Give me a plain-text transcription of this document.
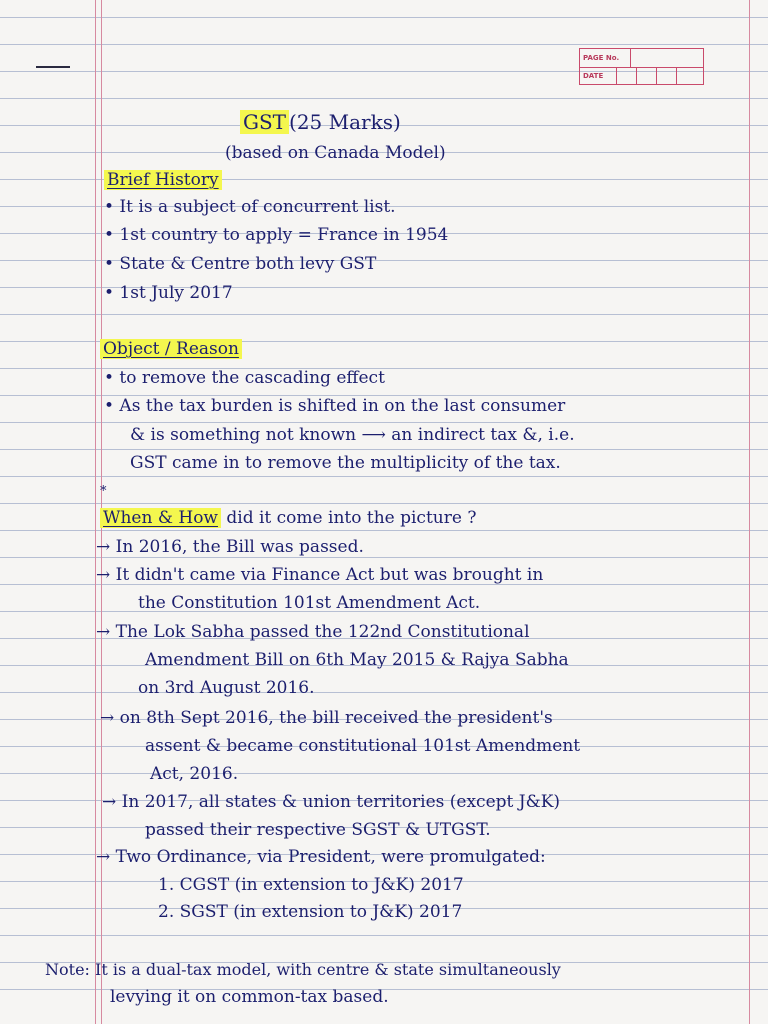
PAGE No.
DATE
GST (25 Marks)
(based on Canada Model)
Brief History
• It is a subject of concurrent list.
• 1st country to apply = France in 1954
• State & Centre both levy GST
• 1st July 2017
Object / Reason
• to remove the cascading effect
• As the tax burden is shifted in on the last consumer
& is something not known ⟶ an indirect tax &, i.e.
GST came in to remove the multiplicity of the tax.
*
When & How did it come into the picture ?
→ In 2016, the Bill was passed.
→ It didn't came via Finance Act but was brought in
the Constitution 101st Amendment Act.
→ The Lok Sabha passed the 122nd Constitutional
Amendment Bill on 6th May 2015 & Rajya Sabha
on 3rd August 2016.
→ on 8th Sept 2016, the bill received the president's
assent & became constitutional 101st Amendment
Act, 2016.
→ In 2017, all states & union territories (except J&K)
passed their respective SGST & UTGST.
→ Two Ordinance, via President, were promulgated:
1. CGST (in extension to J&K) 2017
2. SGST (in extension to J&K) 2017
Note: It is a dual-tax model, with centre & state simultaneously
levying it on common-tax based.
